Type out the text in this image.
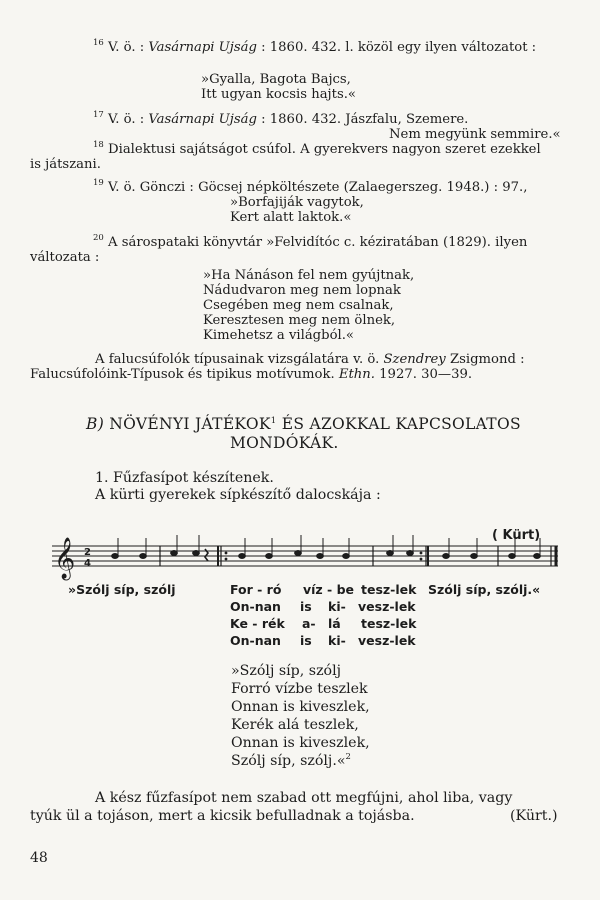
$^{16}$ V. ö. : Vasárnapi Ujság : 1860. 432. l. közöl egy ilyen változatot :
»Gyalla, Bagota Bajcs,
Itt ugyan kocsis hajts.«
$^{17}$ V. ö. : Vasárnapi Ujság : 1860. 432. Jászfalu, Szemere.
Nem megyünk semmire.«
$^{18}$ Dialektusi sajátságot csúfol. A gyerekvers nagyon szeret ezekkel
is játszani.
$^{19}$ V. ö. Gönczi : Göcsej népköltészete (Zalaegerszeg. 1948.) : 97.,
»Borfajiják vagytok,
Kert alatt laktok.«
$^{20}$ A sárospataki könyvtár »Felvidítóc c. kéziratában (1829). ilyen
változata :
»Ha Nánáson fel nem gyújtnak,
Nádudvaron meg nem lopnak
Csegében meg nem csalnak,
Keresztesen meg nem ölnek,
Kimehetsz a világból.«
A falucsúfolók típusainak vizsgálatára v. ö. Szendrey Zsigmond :
Falucsúfolóink-Típusok és tipikus motívumok. Ethn. 1927. 30—39.
B) NÖVÉNYI JÁTÉKOK$^1$ ÉS AZOKKAL KAPCSOLATOS
MONDÓKÁK.
1. Fűzfasípot készítenek.
A kürti gyerekek sípkészítő dalocskája :
( Kürt)
𝄞 2
4
»Szólj síp, szólj	For - ró víz - be tesz-lek
On-nan is ki- vesz-lek
Ke - rék a- lá tesz-lek
On-nan is ki- vesz-lek
Szólj síp, szólj.«
»Szólj síp, szólj
Forró vízbe teszlek
Onnan is kiveszlek,
Kerék alá teszlek,
Onnan is kiveszlek,
Szólj síp, szólj.«$^2$
A kész fűzfasípot nem szabad ott megfújni, ahol liba, vagy
tyúk ül a tojáson, mert a kicsik befulladnak a tojásba.	(Kürt.)
48
